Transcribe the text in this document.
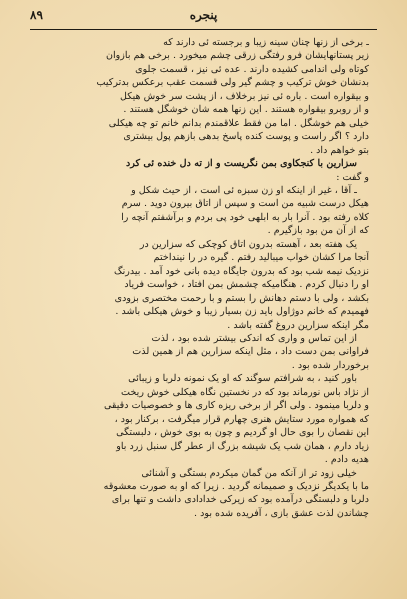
پنجره
۸۹
ـ برخی از زنها چنان سینه زیبا و برجسته ئی دارند که
زیر پستانهایشان فرو رفتگی زرقی چشم میخورد . برخی هم بازوان
کوتاه ولی اندامی کشیده دارند . عده ئی نیز ، قسمت جلوی
بدنشان خوش ترکیب و چشم گیر ولی قسمت عقب برعکس بدترکیب
و بیقواره است . باره ئی نیز برخلاف ، از پشت سر خوش هیکل
و از روبرو بیقواره هستند . این زنها همه شان خوشگل هستند .
خیلی هم خوشگل . اما من فقط علاقمندم بدانم خانم تو چه هیکلی
دارد ؟ اگر راست و پوست کنده پاسخ بدهی بازهم پول بیشتری
بتو خواهم داد .
سزارین با کنجکاوی بمن نگریست و از ته دل خنده ئی کرد
و گفت :
ـ آقا ، غیر از اینکه او زن سبزه ئی است ، از حیث شکل و
هیکل درست شبیه من است و سپس از اتاق بیرون دوید . سرم
کلاه رفته بود . آنرا بار به ابلهی خود پی بردم و برآشفتم آنچه را
که از آن من بود بازگیرم .
یک هفته بعد ، آهسته بدرون اتاق کوچکی که سزارین در
آنجا مرا کشان خواب میبالید رفتم . گیره در را نینداختم
نزدیک نیمه شب بود که بدرون جایگاه دیده بانی خود آمد . بیدرنگ
او را دنبال کردم . هنگامیکه چشمش بمن افتاد ، خواست فریاد
بکشد ، ولی با دستم دهانش را بستم و با رحمت مختصری بزودی
فهمیدم که خانم دوژاول باید زن بسیار زیبا و خوش هیکلی باشد .
مگر اینکه سزارین دروغ گفته باشد .
از این تماس و واری که اندکی بیشتر شده بود ، لذت
فراوانی بمن دست داد ، مثل اینکه سزارین هم از همین لذت
برخوردار شده بود .
باور کنید ، به شرافتم سوگند که او یک نمونه دلربا و زیبائی
از نژاد باس نورماند بود که در نخستین نگاه هیکلی خوش ریخت
و دلربا مینمود . ولی اگر از برخی ریزه کاری ها و خصوصیات دقیقی
که همواره مورد ستایش هنری چهارم قرار میگرفت ، برکنار بود ،
این نقصان را بوی حال او گردیم و چون به بوی خوش ، دلبستگی
زیاد دارم ، همان شب یک شیشه بزرگ از عطر گل سنبل زرد باو
هدیه دادم .
خیلی زود تر از آنکه من گمان میکردم بستگی و آشنائی
ما با یکدیگر نزدیک و صمیمانه گردید . زیرا که او به صورت معشوقه
دلربا و دلبستگی درآمده بود که زیرکی خدادادی داشت و تنها برای
چشاندن لذت عشق بازی ، آفریده شده بود .
